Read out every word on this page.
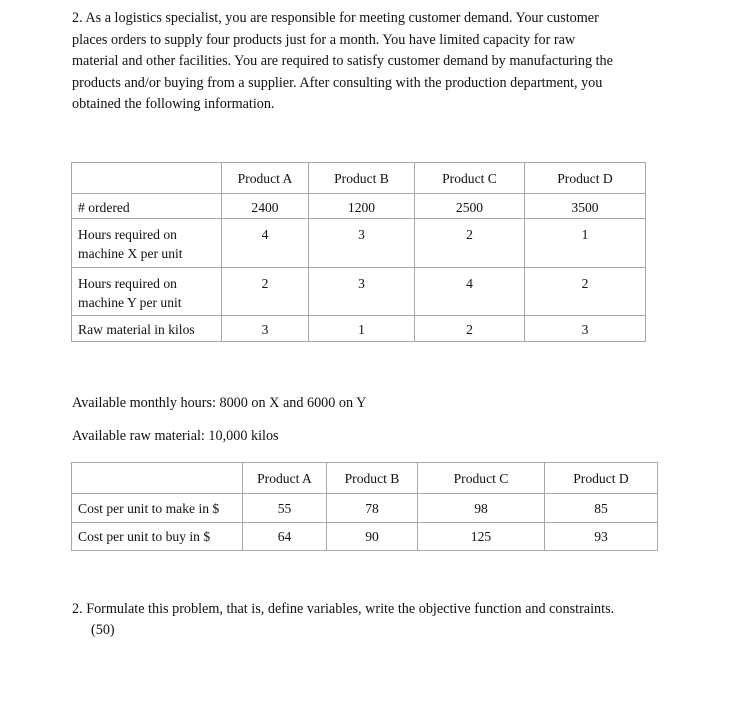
2. As a logistics specialist, you are responsible for meeting customer demand. Your customer
places orders to supply four products just for a month. You have limited capacity for raw
material and other facilities. You are required to satisfy customer demand by manufacturing the
products and/or buying from a supplier. After consulting with the production department, you
obtained the following information.
	Product A	Product B	Product C	Product D
# ordered	2400	1200	2500	3500
Hours required on
machine X per unit	4	3	2	1
Hours required on
machine Y per unit	2	3	4	2
Raw material in kilos	3	1	2	3
Available monthly hours: 8000 on X and 6000 on Y
Available raw material: 10,000 kilos
	Product A	Product B	Product C	Product D
Cost per unit to make in $	55	78	98	85
Cost per unit to buy in $	64	90	125	93
2. Formulate this problem, that is, define variables, write the objective function and constraints.
(50)
